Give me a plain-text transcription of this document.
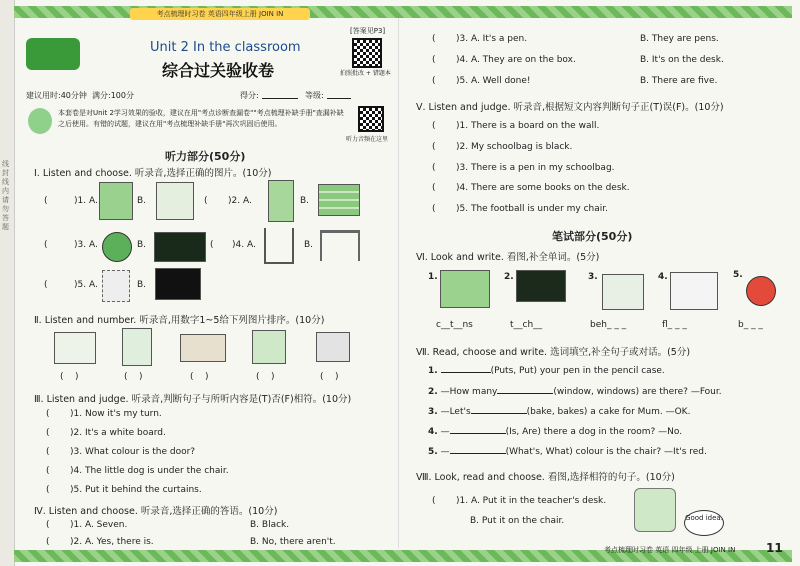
线封线内请勿答题
考点梳理时习卷 英语四年级上册 JOIN IN
Unit 2 In the classroom
综合过关验收卷
[答案见P3]
拍照批改 + 错题本
建议用时:40分钟 满分:100分	得分:	等级:
本套卷是对Unit 2学习效果的验收，建议在用"考点诊断查漏卷""考点梳理补缺手册"查漏补缺之后使用。有错的试题，建议在用"考点梳理补缺手册"再次巩固后使用。
听力音频在这里
听力部分(50分)
Ⅰ. Listen and choose. 听录音,选择正确的图片。(10分)
(	)1. A.	B.	( )2. A.	B.
(	)3. A.	B.	( )4. A.	B.
(	)5. A.	B.
Ⅱ. Listen and number. 听录音,用数字1~5给下列图片排序。(10分)
(    )	(    )	(    )	(    )	(    )
Ⅲ. Listen and judge. 听录音,判断句子与所听内容是(T)否(F)相符。(10分)
( )1. Now it's my turn.
( )2. It's a white board.
( )3. What colour is the door?
( )4. The little dog is under the chair.
( )5. Put it behind the curtains.
Ⅳ. Listen and choose. 听录音,选择正确的答语。(10分)
( )1. A. Seven.	B. Black.
( )2. A. Yes, there is.	B. No, there aren't.
( )3. A. It's a pen.	B. They are pens.
( )4. A. They are on the box.	B. It's on the desk.
( )5. A. Well done!	B. There are five.
Ⅴ. Listen and judge. 听录音,根据短文内容判断句子正(T)误(F)。(10分)
( )1. There is a board on the wall.
( )2. My schoolbag is black.
( )3. There is a pen in my schoolbag.
( )4. There are some books on the desk.
( )5. The football is under my chair.
笔试部分(50分)
Ⅵ. Look and write. 看图,补全单词。(5分)
1.	2.	3.	4.	5.
c__t__ns	t__ch__	beh_ _ _	fl_ _ _	b_ _ _
Ⅶ. Read, choose and write. 选词填空,补全句子或对话。(5分)
1.	(Puts, Put) your pen in the pencil case.
2. —How many	(window, windows) are there? —Four.
3. —Let's	(bake, bakes) a cake for Mum. —OK.
4. —	(Is, Are) there a dog in the room? —No.
5. —	(What's, What) colour is the chair? —It's red.
Ⅷ. Look, read and choose. 看图,选择相符的句子。(10分)
( )1. A. Put it in the teacher's desk.
B. Put it on the chair.	Good idea.
考点梳理时习卷 英语 四年级 上册 JOIN IN	11
